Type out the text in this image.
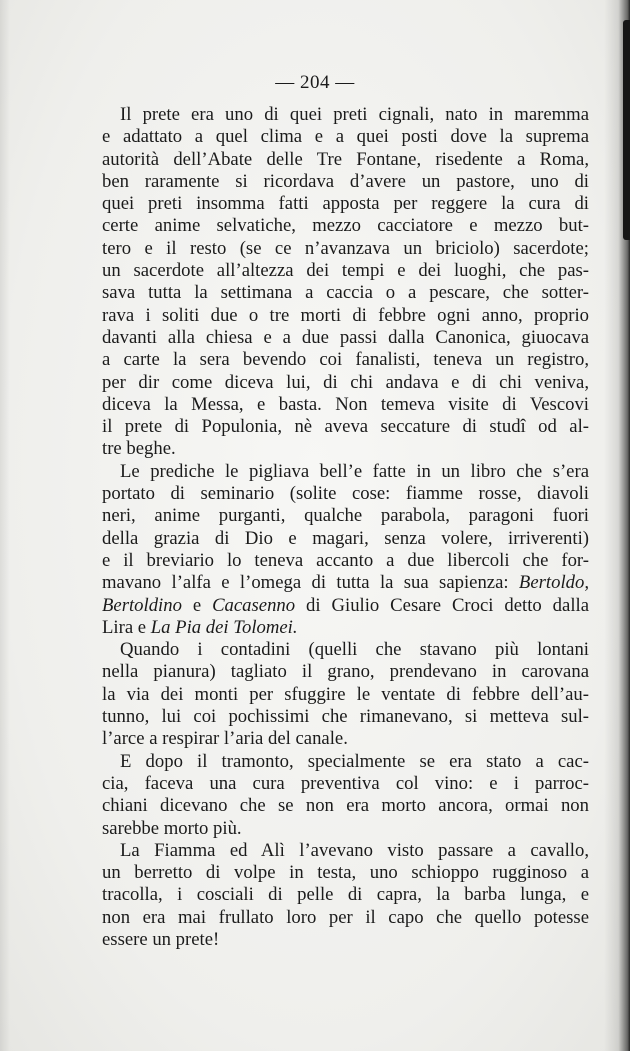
— 204 —
Il prete era uno di quei preti cignali, nato in maremma
e adattato a quel clima e a quei posti dove la suprema
autorità dell’Abate delle Tre Fontane, risedente a Roma,
ben raramente si ricordava d’avere un pastore, uno di
quei preti insomma fatti apposta per reggere la cura di
certe anime selvatiche, mezzo cacciatore e mezzo but-
tero e il resto (se ce n’avanzava un briciolo) sacerdote;
un sacerdote all’altezza dei tempi e dei luoghi, che pas-
sava tutta la settimana a caccia o a pescare, che sotter-
rava i soliti due o tre morti di febbre ogni anno, proprio
davanti alla chiesa e a due passi dalla Canonica, giuocava
a carte la sera bevendo coi fanalisti, teneva un registro,
per dir come diceva lui, di chi andava e di chi veniva,
diceva la Messa, e basta. Non temeva visite di Vescovi
il prete di Populonia, nè aveva seccature di studî od al-
tre beghe.
Le prediche le pigliava bell’e fatte in un libro che s’era
portato di seminario (solite cose: fiamme rosse, diavoli
neri, anime purganti, qualche parabola, paragoni fuori
della grazia di Dio e magari, senza volere, irriverenti)
e il breviario lo teneva accanto a due libercoli che for-
mavano l’alfa e l’omega di tutta la sua sapienza: Bertoldo,
Bertoldino e Cacasenno di Giulio Cesare Croci detto dalla
Lira e La Pia dei Tolomei.
Quando i contadini (quelli che stavano più lontani
nella pianura) tagliato il grano, prendevano in carovana
la via dei monti per sfuggire le ventate di febbre dell’au-
tunno, lui coi pochissimi che rimanevano, si metteva sul-
l’arce a respirar l’aria del canale.
E dopo il tramonto, specialmente se era stato a cac-
cia, faceva una cura preventiva col vino: e i parroc-
chiani dicevano che se non era morto ancora, ormai non
sarebbe morto più.
La Fiamma ed Alì l’avevano visto passare a cavallo,
un berretto di volpe in testa, uno schioppo rugginoso a
tracolla, i cosciali di pelle di capra, la barba lunga, e
non era mai frullato loro per il capo che quello potesse
essere un prete!
